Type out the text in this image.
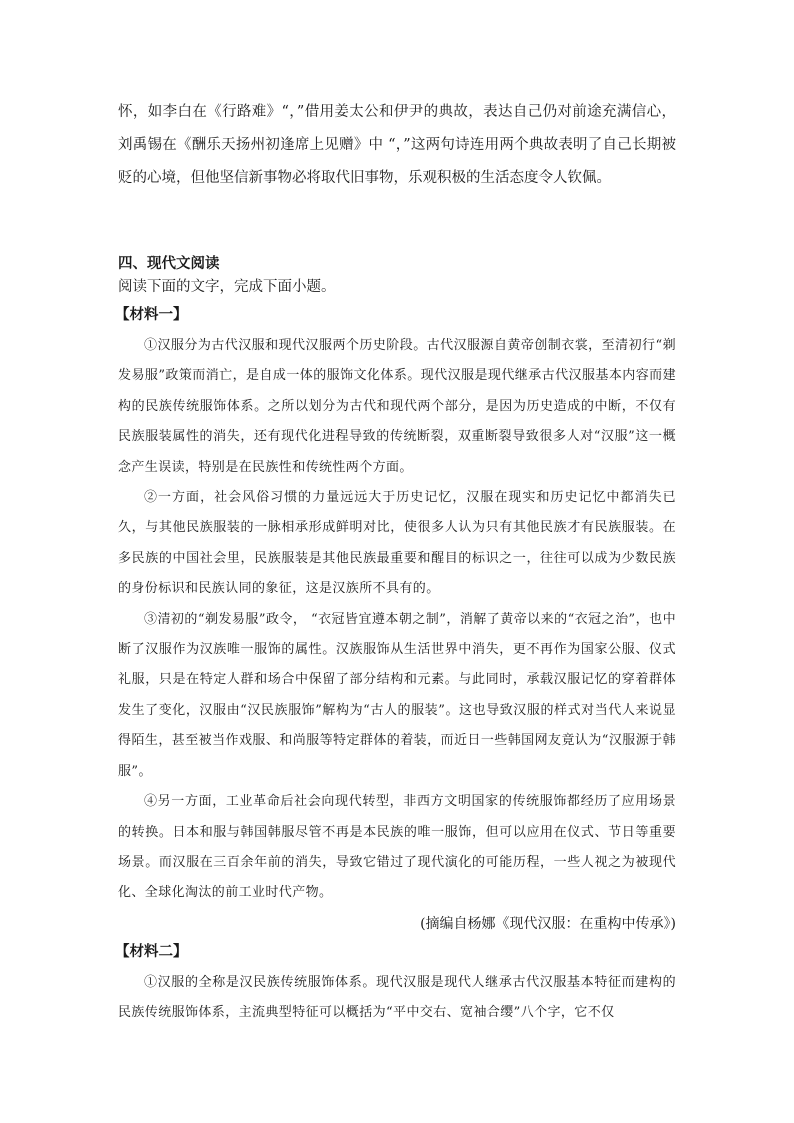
怀，如李白在《行路难》“，”借用姜太公和伊尹的典故，表达自己仍对前途充满信心，刘禹锡在《酬乐天扬州初逢席上见赠》中 “，”这两句诗连用两个典故表明了自己长期被贬的心境，但他坚信新事物必将取代旧事物，乐观积极的生活态度令人钦佩。

四、现代文阅读

阅读下面的文字，完成下面小题。

【材料一】

①汉服分为古代汉服和现代汉服两个历史阶段。古代汉服源自黄帝创制衣裳，至清初行“剃发易服”政策而消亡，是自成一体的服饰文化体系。现代汉服是现代继承古代汉服基本内容而建构的民族传统服饰体系。之所以划分为古代和现代两个部分，是因为历史造成的中断，不仅有民族服装属性的消失，还有现代化进程导致的传统断裂，双重断裂导致很多人对“汉服”这一概念产生误读，特别是在民族性和传统性两个方面。

②一方面，社会风俗习惯的力量远远大于历史记忆，汉服在现实和历史记忆中都消失已久，与其他民族服装的一脉相承形成鲜明对比，使很多人认为只有其他民族才有民族服装。在多民族的中国社会里，民族服装是其他民族最重要和醒目的标识之一，往往可以成为少数民族的身份标识和民族认同的象征，这是汉族所不具有的。

③清初的“剃发易服”政令， “衣冠皆宜遵本朝之制”，消解了黄帝以来的“衣冠之治”，也中断了汉服作为汉族唯一服饰的属性。汉族服饰从生活世界中消失，更不再作为国家公服、仪式礼服，只是在特定人群和场合中保留了部分结构和元素。与此同时，承载汉服记忆的穿着群体发生了变化，汉服由“汉民族服饰”解构为“古人的服装”。这也导致汉服的样式对当代人来说显得陌生，甚至被当作戏服、和尚服等特定群体的着装，而近日一些韩国网友竟认为“汉服源于韩服”。

④另一方面，工业革命后社会向现代转型，非西方文明国家的传统服饰都经历了应用场景的转换。日本和服与韩国韩服尽管不再是本民族的唯一服饰，但可以应用在仪式、节日等重要场景。而汉服在三百余年前的消失，导致它错过了现代演化的可能历程，一些人视之为被现代化、全球化淘汰的前工业时代产物。

(摘编自杨娜《现代汉服：在重构中传承》)

【材料二】

①汉服的全称是汉民族传统服饰体系。现代汉服是现代人继承古代汉服基本特征而建构的民族传统服饰体系，主流典型特征可以概括为“平中交右、宽袖合缨”八个字，它不仅
